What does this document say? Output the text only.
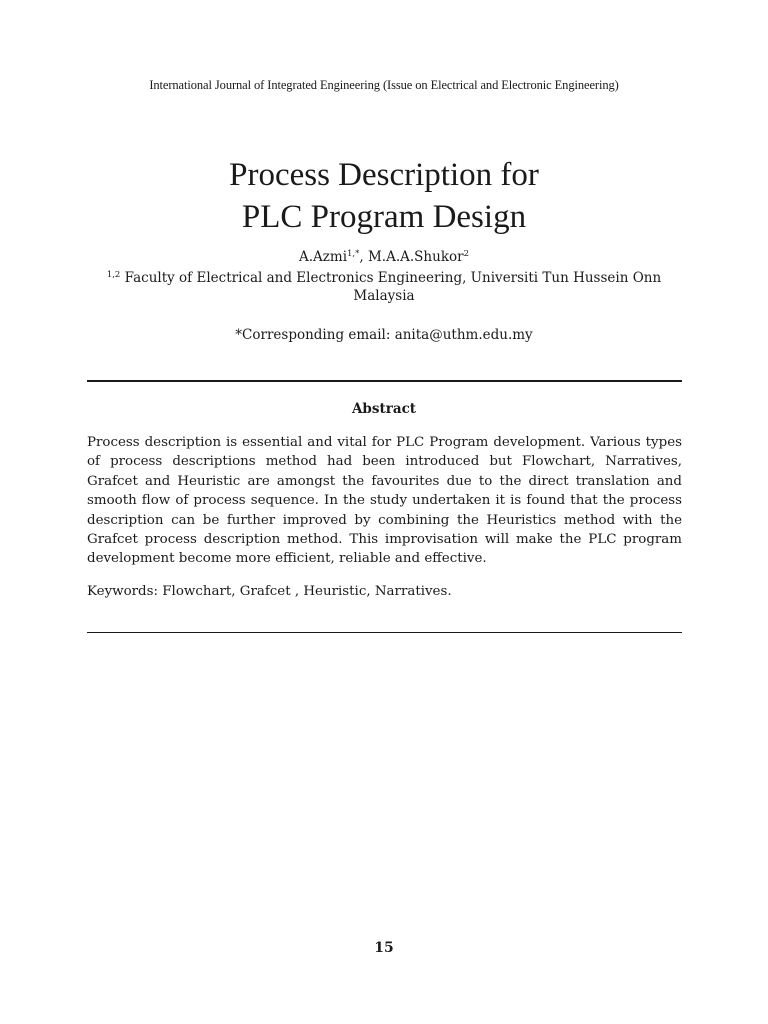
International Journal of Integrated Engineering (Issue on Electrical and Electronic Engineering)
Process Description for
PLC Program Design
A.Azmi$^{1,*}$, M.A.A.Shukor$^2$
$^{1,2}$ Faculty of Electrical and Electronics Engineering, Universiti Tun Hussein Onn Malaysia
*Corresponding email: anita@uthm.edu.my
Abstract

Process description is essential and vital for PLC Program development. Various types of process descriptions method had been introduced but Flowchart, Narratives, Grafcet and Heuristic are amongst the favourites due to the direct translation and smooth flow of process sequence. In the study undertaken it is found that the process description can be further improved by combining the Heuristics method with the Grafcet process description method. This improvisation will make the PLC program development become more efficient, reliable and effective.

Keywords: Flowchart, Grafcet , Heuristic, Narratives.
15
